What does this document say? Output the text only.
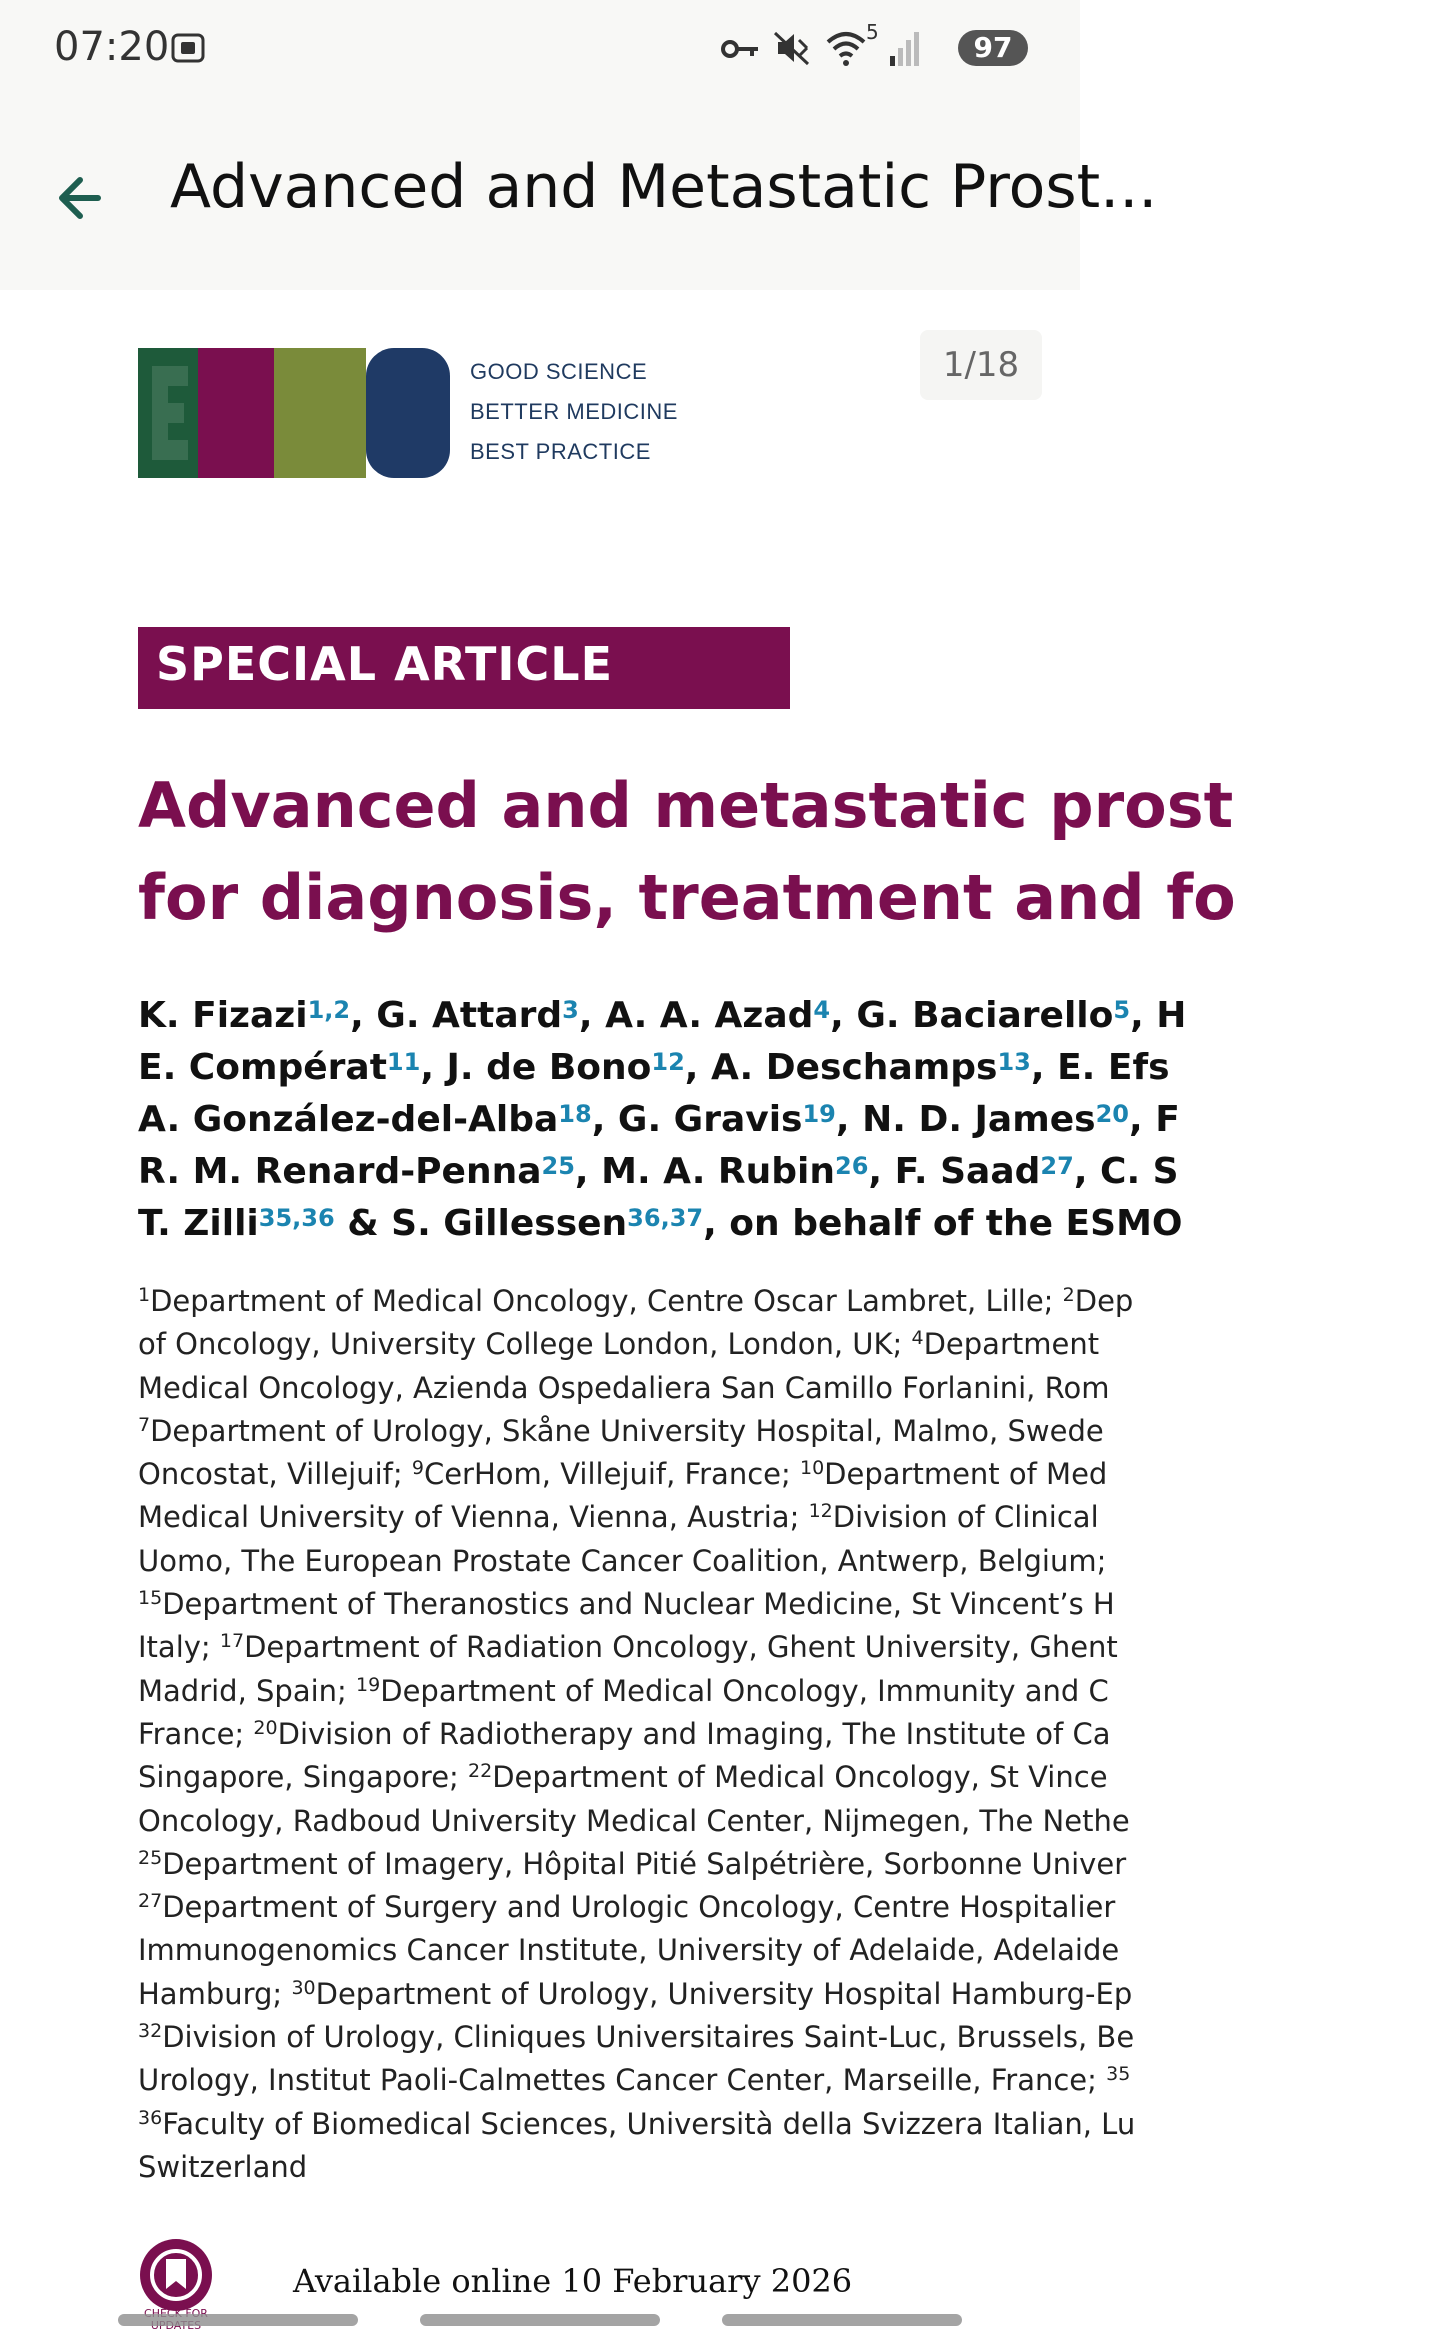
07:20	5	97
Advanced and Metastatic Prost...
1/18
GOOD SCIENCE
BETTER MEDICINE
BEST PRACTICE
SPECIAL ARTICLE
Advanced and metastatic prost
for diagnosis, treatment and fo
K. Fizazi$^{1,2}$, G. Attard$^3$, A. A. Azad$^4$, G. Baciarello$^5$, H
E. Compérat$^{11}$, J. de Bono$^{12}$, A. Deschamps$^{13}$, E. Efs
A. González-del-Alba$^{18}$, G. Gravis$^{19}$, N. D. James$^{20}$, F
R. M. Renard-Penna$^{25}$, M. A. Rubin$^{26}$, F. Saad$^{27}$, C. S
T. Zilli$^{35,36}$ & S. Gillessen$^{36,37}$, on behalf of the ESMO
$^1$Department of Medical Oncology, Centre Oscar Lambret, Lille; $^2$Dep
of Oncology, University College London, London, UK; $^4$Department
Medical Oncology, Azienda Ospedaliera San Camillo Forlanini, Rom
$^7$Department of Urology, Skåne University Hospital, Malmo, Swede
Oncostat, Villejuif; $^9$CerHom, Villejuif, France; $^{10}$Department of Med
Medical University of Vienna, Vienna, Austria; $^{12}$Division of Clinical
Uomo, The European Prostate Cancer Coalition, Antwerp, Belgium;
$^{15}$Department of Theranostics and Nuclear Medicine, St Vincent’s H
Italy; $^{17}$Department of Radiation Oncology, Ghent University, Ghent
Madrid, Spain; $^{19}$Department of Medical Oncology, Immunity and C
France; $^{20}$Division of Radiotherapy and Imaging, The Institute of Ca
Singapore, Singapore; $^{22}$Department of Medical Oncology, St Vince
Oncology, Radboud University Medical Center, Nijmegen, The Nethe
$^{25}$Department of Imagery, Hôpital Pitié Salpétrière, Sorbonne Univer
$^{27}$Department of Surgery and Urologic Oncology, Centre Hospitalier
Immunogenomics Cancer Institute, University of Adelaide, Adelaide
Hamburg; $^{30}$Department of Urology, University Hospital Hamburg-Ep
$^{32}$Division of Urology, Cliniques Universitaires Saint-Luc, Brussels, Be
Urology, Institut Paoli-Calmettes Cancer Center, Marseille, France; $^{35}$
$^{36}$Faculty of Biomedical Sciences, Università della Svizzera Italian, Lu
Switzerland
Available online 10 February 2026
